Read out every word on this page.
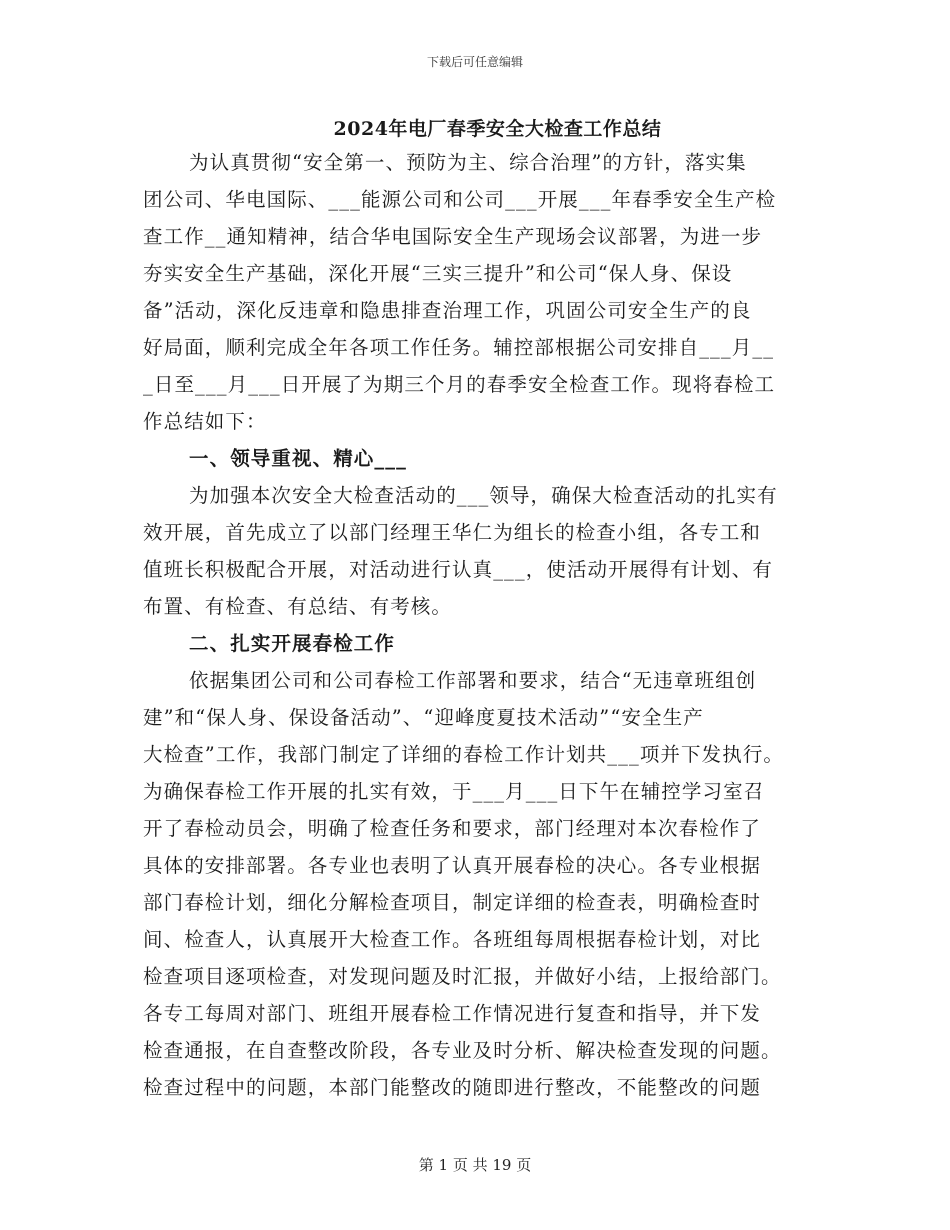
下载后可任意编辑
2024年电厂春季安全大检查工作总结
为认真贯彻“安全第一、预防为主、综合治理”的方针，落实集
团公司、华电国际、___能源公司和公司___开展___年春季安全生产检
查工作__通知精神，结合华电国际安全生产现场会议部署，为进一步
夯实安全生产基础，深化开展“三实三提升”和公司“保人身、保设
备”活动，深化反违章和隐患排查治理工作，巩固公司安全生产的良
好局面，顺利完成全年各项工作任务。辅控部根据公司安排自___月__
_日至___月___日开展了为期三个月的春季安全检查工作。现将春检工
作总结如下：
一、领导重视、精心___
为加强本次安全大检查活动的___领导，确保大检查活动的扎实有
效开展，首先成立了以部门经理王华仁为组长的检查小组，各专工和
值班长积极配合开展，对活动进行认真___，使活动开展得有计划、有
布置、有检查、有总结、有考核。
二、扎实开展春检工作
依据集团公司和公司春检工作部署和要求，结合“无违章班组创
建”和“保人身、保设备活动”、“迎峰度夏技术活动”“安全生产
大检查”工作，我部门制定了详细的春检工作计划共___项并下发执行。
为确保春检工作开展的扎实有效，于___月___日下午在辅控学习室召
开了春检动员会，明确了检查任务和要求，部门经理对本次春检作了
具体的安排部署。各专业也表明了认真开展春检的决心。各专业根据
部门春检计划，细化分解检查项目，制定详细的检查表，明确检查时
间、检查人，认真展开大检查工作。各班组每周根据春检计划，对比
检查项目逐项检查，对发现问题及时汇报，并做好小结，上报给部门。
各专工每周对部门、班组开展春检工作情况进行复查和指导，并下发
检查通报，在自查整改阶段，各专业及时分析、解决检查发现的问题。
检查过程中的问题，本部门能整改的随即进行整改，不能整改的问题
第 1 页 共 19 页
